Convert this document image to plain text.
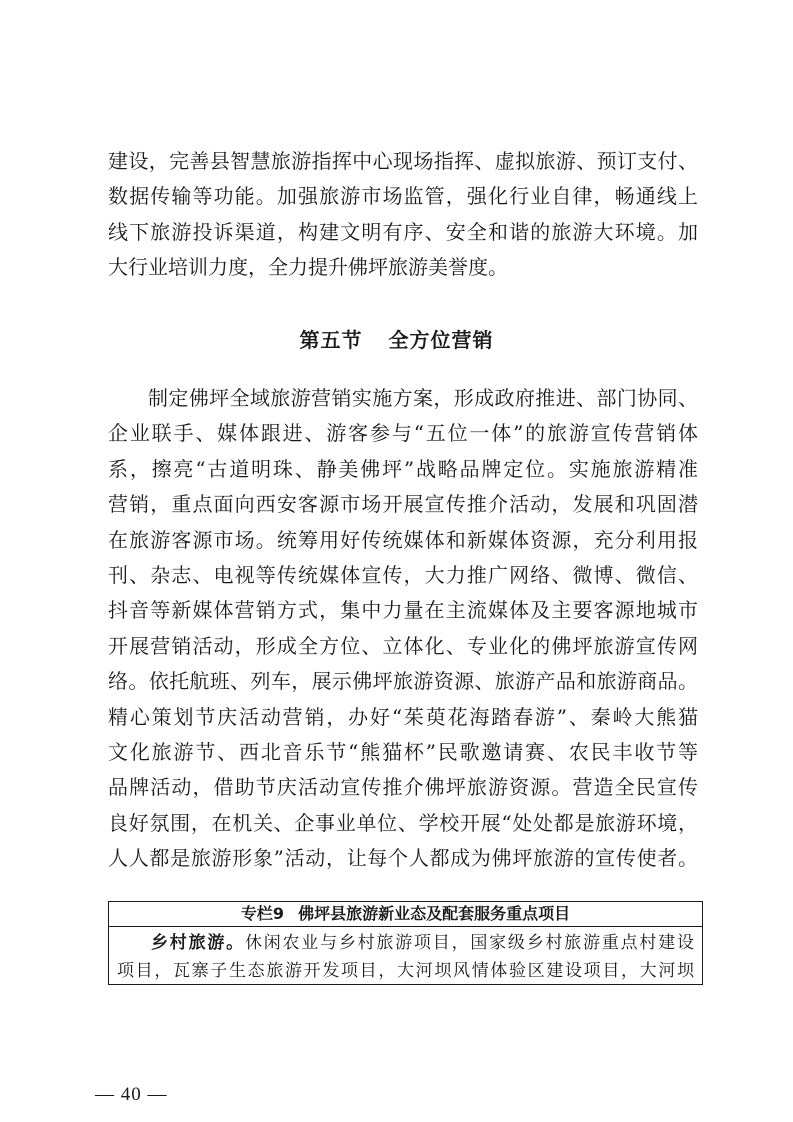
建设，完善县智慧旅游指挥中心现场指挥、虚拟旅游、预订支付、
数据传输等功能。加强旅游市场监管，强化行业自律，畅通线上
线下旅游投诉渠道，构建文明有序、安全和谐的旅游大环境。加
大行业培训力度，全力提升佛坪旅游美誉度。
第五节 全方位营销
制定佛坪全域旅游营销实施方案，形成政府推进、部门协同、
企业联手、媒体跟进、游客参与“五位一体”的旅游宣传营销体
系，擦亮“古道明珠、静美佛坪”战略品牌定位。实施旅游精准
营销，重点面向西安客源市场开展宣传推介活动，发展和巩固潜
在旅游客源市场。统筹用好传统媒体和新媒体资源，充分利用报
刊、杂志、电视等传统媒体宣传，大力推广网络、微博、微信、
抖音等新媒体营销方式，集中力量在主流媒体及主要客源地城市
开展营销活动，形成全方位、立体化、专业化的佛坪旅游宣传网
络。依托航班、列车，展示佛坪旅游资源、旅游产品和旅游商品。
精心策划节庆活动营销，办好“茱萸花海踏春游”、秦岭大熊猫
文化旅游节、西北音乐节“熊猫杯”民歌邀请赛、农民丰收节等
品牌活动，借助节庆活动宣传推介佛坪旅游资源。营造全民宣传
良好氛围，在机关、企事业单位、学校开展“处处都是旅游环境，
人人都是旅游形象”活动，让每个人都成为佛坪旅游的宣传使者。
专栏9 佛坪县旅游新业态及配套服务重点项目
乡村旅游。休闲农业与乡村旅游项目，国家级乡村旅游重点村建设
项目，瓦寨子生态旅游开发项目，大河坝风情体验区建设项目，大河坝
— 40 —
